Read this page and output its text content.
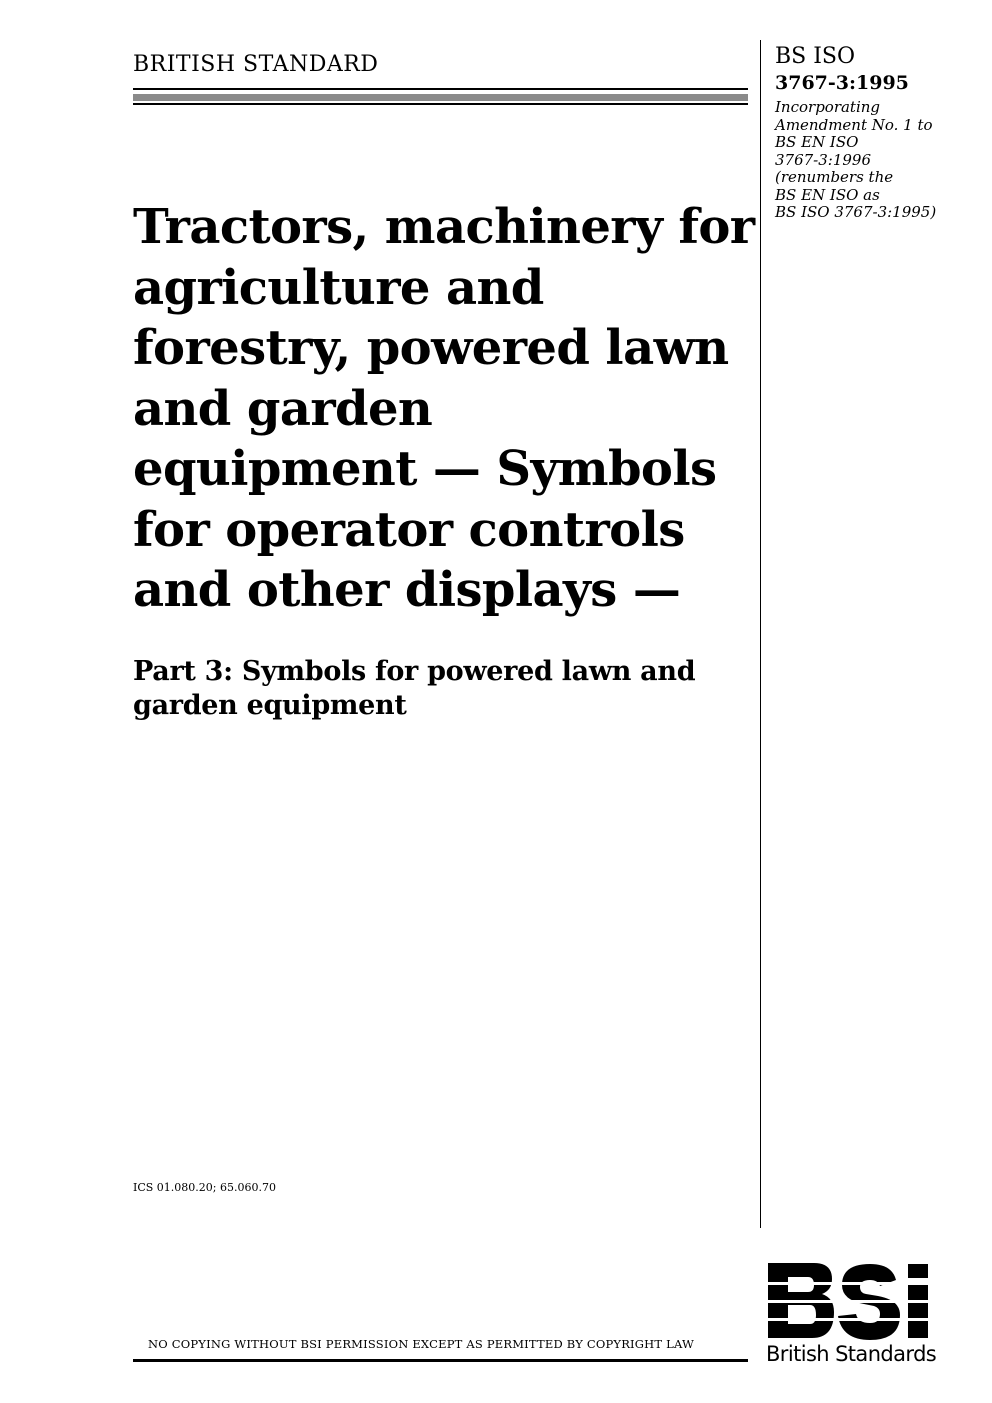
BRITISH STANDARD	BS ISO
3767-3:1995
Incorporating
Amendment No. 1 to
BS EN ISO
3767-3:1996
(renumbers the
BS EN ISO as
BS ISO 3767-3:1995)
Tractors, machinery for
agriculture and
forestry, powered lawn
and garden
equipment — Symbols
for operator controls
and other displays —
Part 3: Symbols for powered lawn and
garden equipment
ICS 01.080.20; 65.060.70
NO COPYING WITHOUT BSI PERMISSION EXCEPT AS PERMITTED BY COPYRIGHT LAW	British Standards
